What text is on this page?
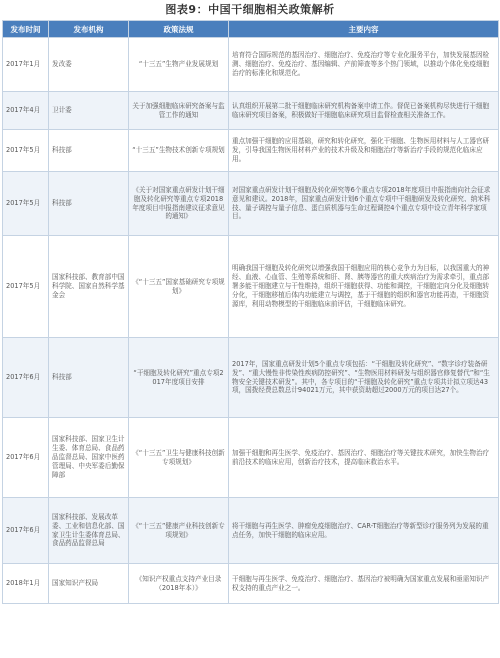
图表9：中国干细胞相关政策解析
发布时间	发布机构	政策法规	主要内容
2017年1月	发改委	“十三五”生物产业发展规划	培育符合国际规范的基因治疗、细胞治疗、免疫治疗等专业化服务平台，加快发展基因检测、细胞治疗、免疫治疗、基因编辑、产前筛查等多个热门领域，以推动个体化免疫细胞治疗的标准化和规范化。
2017年4月	卫计委	关于加强细胞临床研究备案与监管工作的通知	认真组织开展第二批干细胞临床研究机构备案申请工作。督促已备案机构尽快进行干细胞临床研究项目备案，积极做好干细胞临床研究项目监督检查相关准备工作。
2017年5月	科技部	“十三五”生物技术创新专项规划	重点加强干细胞的应用基础，研究和转化研究，强化干细胞、生物医用材料与人工器官研发，引导我国生物医用材料产业的技术升级及和细胞治疗等新治疗手段的规范化临床应用。
2017年5月	科技部	《关于对国家重点研发计划干细胞及转化研究等重点专项2018年度项目申报指南建议征求意见的通知》	对国家重点研发计划干细胞及转化研究等6个重点专项2018年度项目申报指南向社会征求意见和建议。2018年，国家重点研发计划6个重点专项中干细胞研发及转化研究、纳米科技、量子调控与量子信息、蛋白质机器与生命过程调控4个重点专项中设立青年科学家项目。
2017年5月	国家科技部、教育部中国科学院、国家自然科学基金会	《“十三五”国家基础研究专项规划》	明确我国干细胞及转化研究以增强我国干细胞应用的核心竞争力为目标，以我国重大的神经、血液、心血管、生殖等系统和肝、肾、胰等器官的重大疾病治疗为需求牵引，重点部署多能干细胞建立与干性维持，组织干细胞获得、功能和调控，干细胞定向分化及细胞转分化，干细胞移植后体内功能建立与调控，基于干细胞的组织和器官功能再造，干细胞资源库，利用动物模型的干细胞临床前评估，干细胞临床研究。
2017年6月	科技部	“干细胞及转化研究”重点专项2017年度项目安排	2017年，国家重点研发计划5个重点专项包括：“干细胞及转化研究”、“数字诊疗装备研发”、“重大慢性非传染性疾病防控研究”、“生物医用材料研发与组织器官修复替代”和“生物安全关键技术研发”。其中，各专项目的“干细胞及转化研究”重点专项共计拟立项达43项，国拨经费总数总计94021万元，其中获资助超过2000万元的项目达27个。
2017年6月	国家科技部、国家卫生计生委、体育总局、食品药品监督总局、国家中医药管理局、中央军委后勤保障部	《“十三五”卫生与健康科技创新专项规划》	加强干细胞和再生医学、免疫治疗、基因治疗、细胞治疗等关键技术研究，加快生物治疗前沿技术的临床应用，创新治疗技术，提高临床救治水平。
2017年6月	国家科技部、发展改革委、工业和信息化部、国家卫生计生委体育总局、食品药品监督总局	《“十三五”健康产业科技创新专项规划》	将干细胞与再生医学、肿瘤免疫细胞治疗、CAR-T细胞治疗等新型诊疗服务列为发展的重点任务，加快干细胞的临床应用。
2018年1月	国家知识产权局	《知识产权重点支持产业目录（2018年本）》	干细胞与再生医学、免疫治疗、细胞治疗、基因治疗被明确为国家重点发展和亟需知识产权支持的重点产业之一。
